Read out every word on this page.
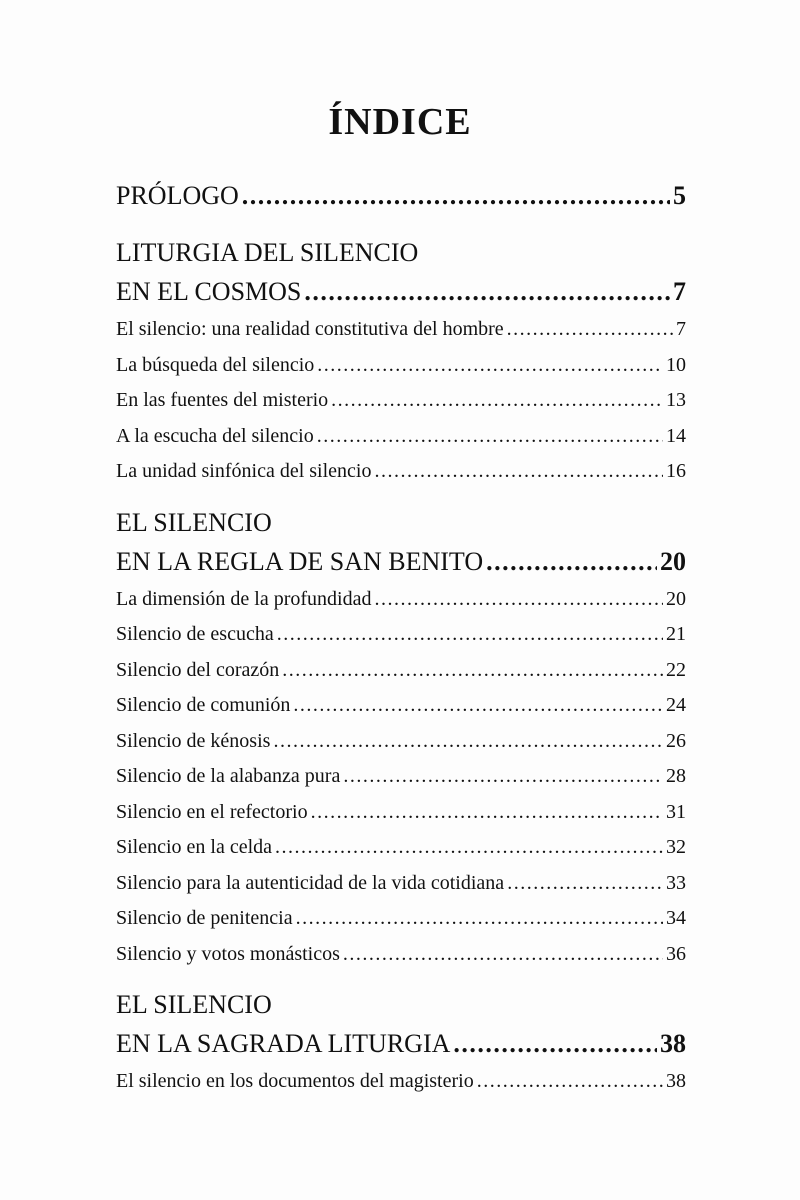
ÍNDICE
PRÓLOGO .....	5
LITURGIA DEL SILENCIO
EN EL COSMOS .....	7
El silencio: una realidad constitutiva del hombre .....	7
La búsqueda del silencio .....	10
En las fuentes del misterio .....	13
A la escucha del silencio .....	14
La unidad sinfónica del silencio .....	16
EL SILENCIO
EN LA REGLA DE SAN BENITO .....	20
La dimensión de la profundidad .....	20
Silencio de escucha .....	21
Silencio del corazón .....	22
Silencio de comunión .....	24
Silencio de kénosis .....	26
Silencio de la alabanza pura .....	28
Silencio en el refectorio .....	31
Silencio en la celda .....	32
Silencio para la autenticidad de la vida cotidiana .....	33
Silencio de penitencia .....	34
Silencio y votos monásticos .....	36
EL SILENCIO
EN LA SAGRADA LITURGIA .....	38
El silencio en los documentos del magisterio .....	38
